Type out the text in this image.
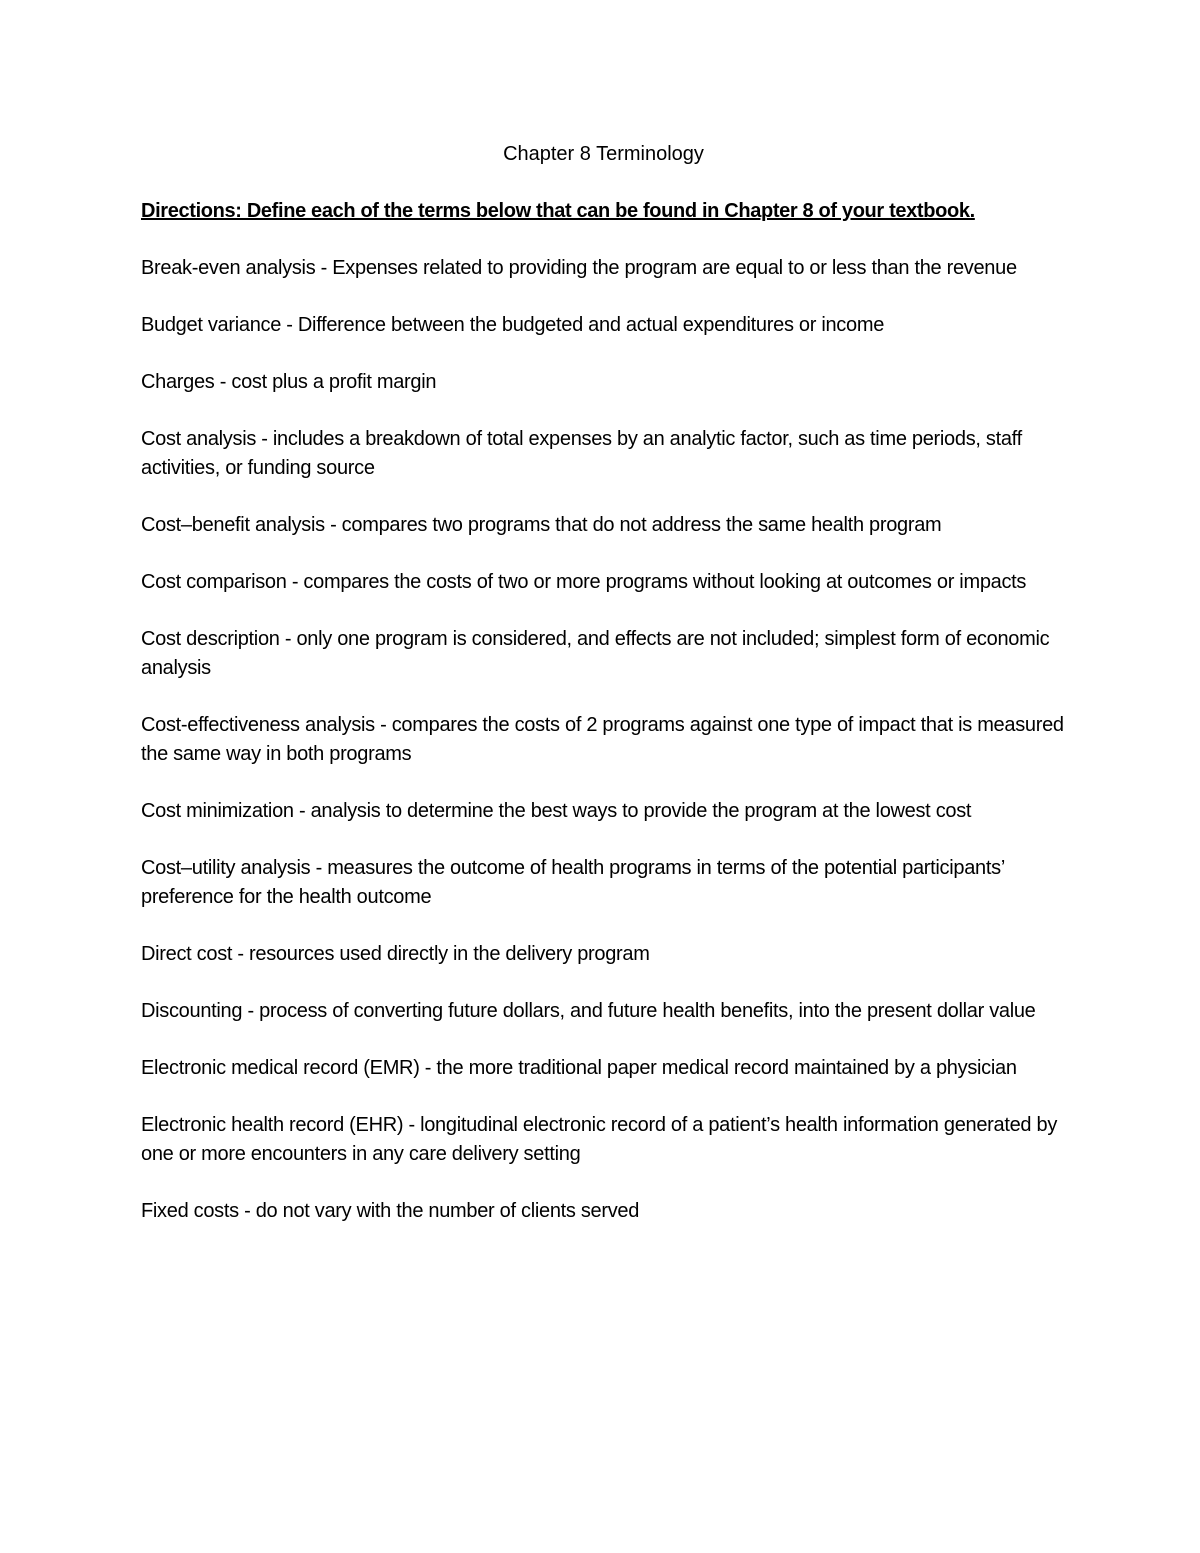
Chapter 8 Terminology
Directions: Define each of the terms below that can be found in Chapter 8 of your textbook.
Break-even analysis - Expenses related to providing the program are equal to or less than the revenue
Budget variance - Difference between the budgeted and actual expenditures or income
Charges - cost plus a profit margin
Cost analysis - includes a breakdown of total expenses by an analytic factor, such as time periods, staff activities, or funding source
Cost–benefit analysis - compares two programs that do not address the same health program
Cost comparison - compares the costs of two or more programs without looking at outcomes or impacts
Cost description - only one program is considered, and effects are not included; simplest form of economic analysis
Cost-effectiveness analysis - compares the costs of 2 programs against one type of impact that is measured the same way in both programs
Cost minimization - analysis to determine the best ways to provide the program at the lowest cost
Cost–utility analysis - measures the outcome of health programs in terms of the potential participants’ preference for the health outcome
Direct cost - resources used directly in the delivery program
Discounting - process of converting future dollars, and future health benefits, into the present dollar value
Electronic medical record (EMR) - the more traditional paper medical record maintained by a physician
Electronic health record (EHR) - longitudinal electronic record of a patient’s health information generated by one or more encounters in any care delivery setting
Fixed costs - do not vary with the number of clients served
